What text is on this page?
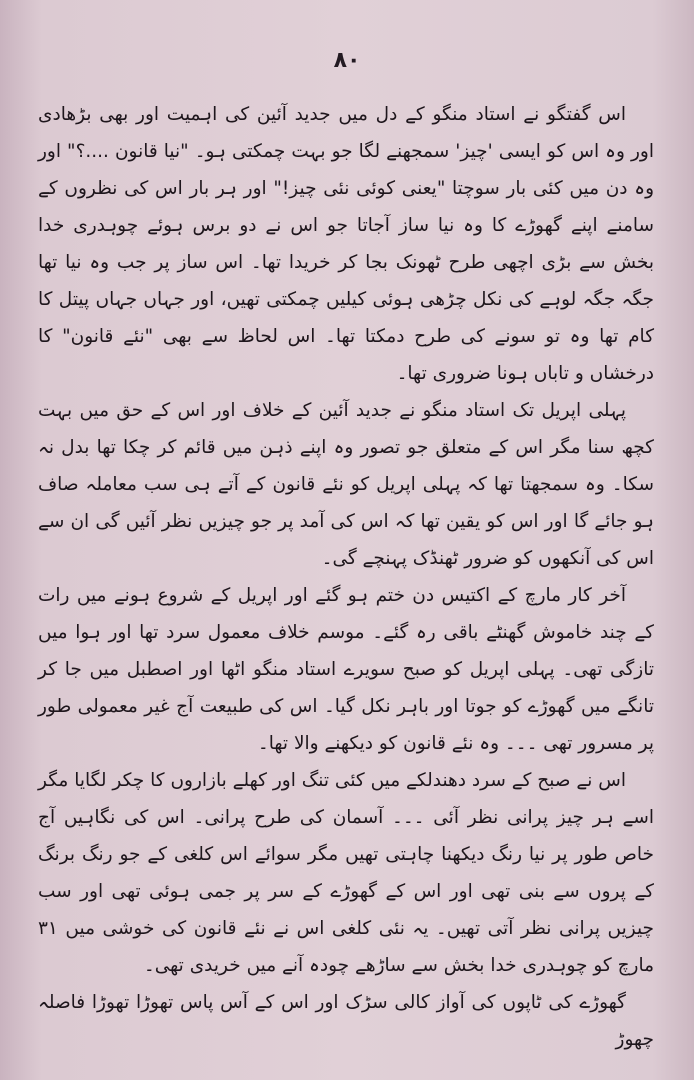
۸۰

اس گفتگو نے استاد منگو کے دل میں جدید آئین کی اہمیت اور بھی بڑھادی اور وہ اس کو ایسی 'چیز' سمجھنے لگا جو بہت چمکتی ہو۔ "نیا قانون ....؟" اور وہ دن میں کئی بار سوچتا "یعنی کوئی نئی چیز!" اور ہر بار اس کی نظروں کے سامنے اپنے گھوڑے کا وہ نیا ساز آجاتا جو اس نے دو برس ہوئے چوہدری خدا بخش سے بڑی اچھی طرح ٹھونک بجا کر خریدا تھا۔ اس ساز پر جب وہ نیا تھا جگہ جگہ لوہے کی نکل چڑھی ہوئی کیلیں چمکتی تھیں، اور جہاں جہاں پیتل کا کام تھا وہ تو سونے کی طرح دمکتا تھا۔ اس لحاظ سے بھی "نئے قانون" کا درخشاں و تاباں ہونا ضروری تھا۔

پہلی اپریل تک استاد منگو نے جدید آئین کے خلاف اور اس کے حق میں بہت کچھ سنا مگر اس کے متعلق جو تصور وہ اپنے ذہن میں قائم کر چکا تھا بدل نہ سکا۔ وہ سمجھتا تھا کہ پہلی اپریل کو نئے قانون کے آتے ہی سب معاملہ صاف ہو جائے گا اور اس کو یقین تھا کہ اس کی آمد پر جو چیزیں نظر آئیں گی ان سے اس کی آنکھوں کو ضرور ٹھنڈک پہنچے گی۔

آخر کار مارچ کے اکتیس دن ختم ہو گئے اور اپریل کے شروع ہونے میں رات کے چند خاموش گھنٹے باقی رہ گئے۔ موسم خلاف معمول سرد تھا اور ہوا میں تازگی تھی۔ پہلی اپریل کو صبح سویرے استاد منگو اٹھا اور اصطبل میں جا کر تانگے میں گھوڑے کو جوتا اور باہر نکل گیا۔ اس کی طبیعت آج غیر معمولی طور پر مسرور تھی ۔۔۔ وہ نئے قانون کو دیکھنے والا تھا۔

اس نے صبح کے سرد دھندلکے میں کئی تنگ اور کھلے بازاروں کا چکر لگایا مگر اسے ہر چیز پرانی نظر آئی ۔۔۔ آسمان کی طرح پرانی۔ اس کی نگاہیں آج خاص طور پر نیا رنگ دیکھنا چاہتی تھیں مگر سوائے اس کلغی کے جو رنگ برنگ کے پروں سے بنی تھی اور اس کے گھوڑے کے سر پر جمی ہوئی تھی اور سب چیزیں پرانی نظر آتی تھیں۔ یہ نئی کلغی اس نے نئے قانون کی خوشی میں ۳۱ مارچ کو چوہدری خدا بخش سے ساڑھے چودہ آنے میں خریدی تھی۔

گھوڑے کی ٹاپوں کی آواز کالی سڑک اور اس کے آس پاس تھوڑا تھوڑا فاصلہ چھوڑ
